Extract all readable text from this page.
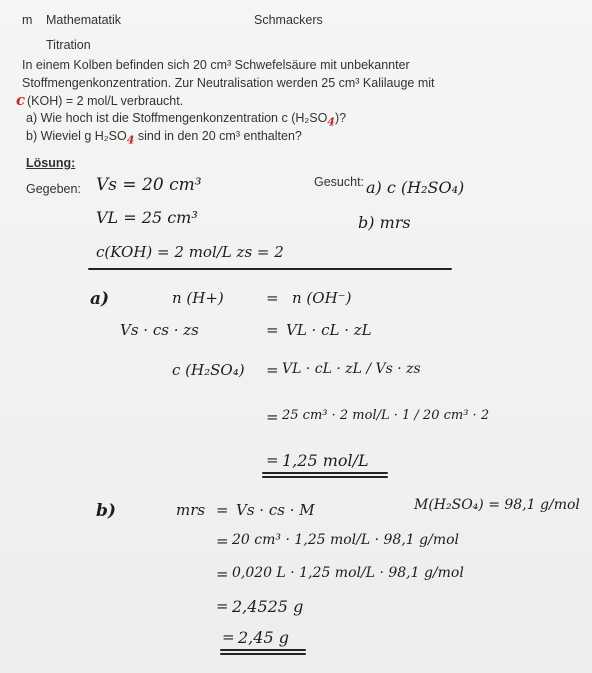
m Mathematatik	Schmackers
Titration
In einem Kolben befinden sich 20 cm³ Schwefelsäure mit unbekannter
Stoffmengenkonzentration. Zur Neutralisation werden 25 cm³ Kalilauge mit
c (KOH) = 2 mol/L verbraucht.
a) Wie hoch ist die Stoffmengenkonzentration c $(H_2SO_4)$?
b) Wieviel g $H_2SO_4$ sind in den 20 cm³ enthalten?
Lösung:
Gegeben:	Gesucht:
Vs = 20 cm³
VL = 25 cm³
c(KOH) = 2 mol/L zs = 2
a) c (H₂SO₄)
b) mrs
a)	n (H+)	= n (OH⁻)
Vs · cs · zs	= VL · cL · zL
c (H₂SO₄) = VL · cL · zL / Vs · zs
= 25 cm³ · 2 mol/L · 1 / 20 cm³ · 2
= 1,25 mol/L
b)	M(H₂SO₄) = 98,1 g/mol
mrs = Vs · cs · M
= 20 cm³ · 1,25 mol/L · 98,1 g/mol
= 0,020 L · 1,25 mol/L · 98,1 g/mol
= 2,4525 g
= 2,45 g
